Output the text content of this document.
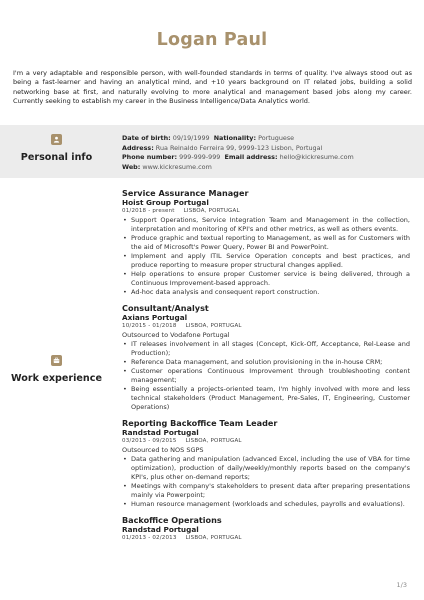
Logan Paul
I'm a very adaptable and responsible person, with well-founded standards in terms of quality. I've always stood out as being a fast-learner and having an analytical mind, and +10 years background on IT related jobs, building a solid networking base at first, and naturally evolving to more analytical and management based jobs along my career. Currently seeking to establish my career in the Business Intelligence/Data Analytics world.
Personal info
Date of birth: 09/19/1999 Nationality: Portuguese
Address: Rua Reinaldo Ferreira 99, 9999-123 Lisbon, Portugal
Phone number: 999-999-999 Email address: hello@kickresume.com
Web: www.kickresume.com
Work experience
Service Assurance Manager
Hoist Group Portugal
01/2018 - present LISBOA, PORTUGAL
• Support Operations, Service Integration Team and Management in the collection, interpretation and monitoring of KPI's and other metrics, as well as others events.
• Produce graphic and textual reporting to Management, as well as for Customers with the aid of Microsoft's Power Query, Power BI and PowerPoint.
• Implement and apply ITIL Service Operation concepts and best practices, and produce reporting to measure proper structural changes applied.
• Help operations to ensure proper Customer service is being delivered, through a Continuous Improvement-based approach.
• Ad-hoc data analysis and consequent report construction.
Consultant/Analyst
Axians Portugal
10/2015 - 01/2018 LISBOA, PORTUGAL
Outsourced to Vodafone Portugal
• IT releases involvement in all stages (Concept, Kick-Off, Acceptance, Rel-Lease and Production);
• Reference Data management, and solution provisioning in the in-house CRM;
• Customer operations Continuous Improvement through troubleshooting content management;
• Being essentially a projects-oriented team, I'm highly involved with more and less technical stakeholders (Product Management, Pre-Sales, IT, Engineering, Customer Operations)
Reporting Backoffice Team Leader
Randstad Portugal
03/2013 - 09/2015 LISBOA, PORTUGAL
Outsourced to NOS SGPS
• Data gathering and manipulation (advanced Excel, including the use of VBA for time optimization), production of daily/weekly/monthly reports based on the company's KPI's, plus other on-demand reports;
• Meetings with company's stakeholders to present data after preparing presentations mainly via Powerpoint;
• Human resource management (workloads and schedules, payrolls and evaluations).
Backoffice Operations
Randstad Portugal
01/2013 - 02/2013 LISBOA, PORTUGAL
1/3
